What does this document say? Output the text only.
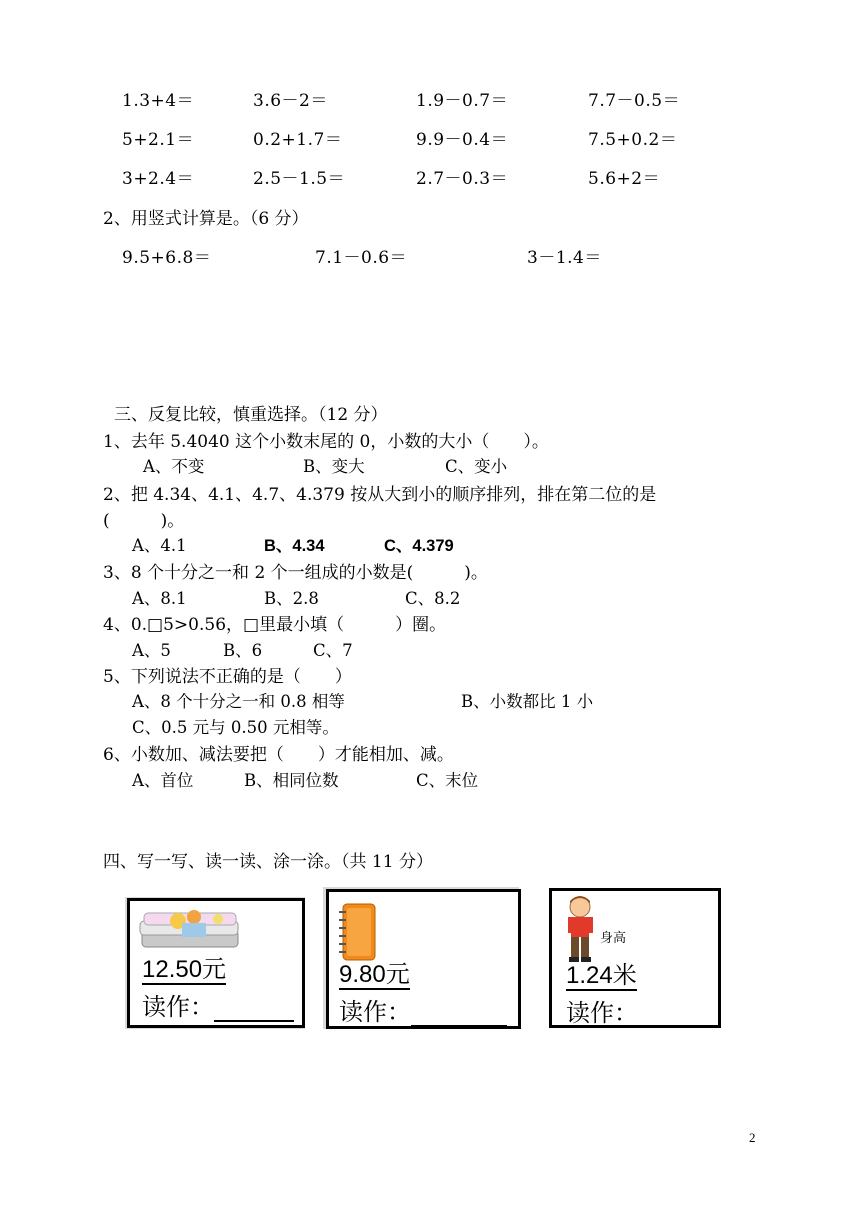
1.3+4＝	3.6－2＝	1.9－0.7＝	7.7－0.5＝
5+2.1＝	0.2+1.7＝	9.9－0.4＝	7.5+0.2＝
3+2.4＝	2.5－1.5＝	2.7－0.3＝	5.6+2＝
2、用竖式计算是。（6 分）
9.5+6.8＝	7.1－0.6＝	3－1.4＝
三、反复比较，慎重选择。（12 分）
1、去年 5.4040 这个小数末尾的 0，小数的大小（　　）。
A、不变	B、变大	C、变小
2、把 4.34、4.1、4.7、4.379 按从大到小的顺序排列，排在第二位的是
(　　　)。
A、4.1	B、4.34	C、4.379
3、8 个十分之一和 2 个一组成的小数是(　　　)。
A、8.1	B、2.8	C、8.2
4、0.□5>0.56，□里最小填（　　　）圈。
A、5	B、6	C、7
5、下列说法不正确的是（　　）
A、8 个十分之一和 0.8 相等	B、小数都比 1 小
C、0.5 元与 0.50 元相等。
6、小数加、减法要把（　　）才能相加、减。
A、首位	B、相同位数	C、末位
四、写一写、读一读、涂一涂。（共 11 分）
12.50元
读作：
9.80元
读作：
身高
1.24米
读作：
2
